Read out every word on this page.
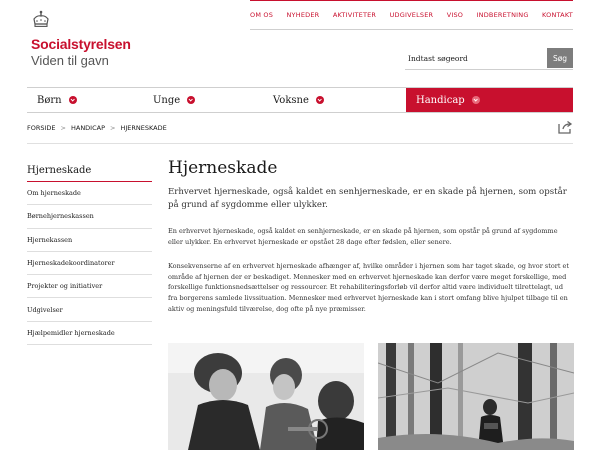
Socialstyrelsen
Viden til gavn
OM OS NYHEDER AKTIVITETER UDGIVELSER VISO INDBERETNING KONTAKT
Indtast søgeord
Søg
Børn	Unge	Voksne	Handicap
FORSIDE > HANDICAP > HJERNESKADE
Hjerneskade
Om hjerneskade
Børnehjerneskassen
Hjernekassen
Hjerneskadekoordinatorer
Projekter og initiativer
Udgivelser
Hjælpemidler hjerneskade
Hjerneskade

Erhvervet hjerneskade, også kaldet en senhjerneskade, er en skade på hjernen, som opstår på grund af sygdomme eller ulykker.

En erhvervet hjerneskade, også kaldet en senhjerneskade, er en skade på hjernen, som opstår på grund af sygdomme eller ulykker. En erhvervet hjerneskade er opstået 28 dage efter fødslen, eller senere.

Konsekvenserne af en erhvervet hjerneskade afhænger af, hvilke områder i hjernen som har taget skade, og hvor stort et område af hjernen der er beskadiget. Mennesker med en erhvervet hjerneskade kan derfor være meget forskellige, med forskellige funktionsnedsættelser og ressourcer. Et rehabiliteringsforløb vil derfor altid være individuelt tilrettelagt, ud fra borgerens samlede livssituation. Mennesker med erhvervet hjerneskade kan i stort omfang blive hjulpet tilbage til en aktiv og meningsfuld tilværelse, dog ofte på nye præmisser.
